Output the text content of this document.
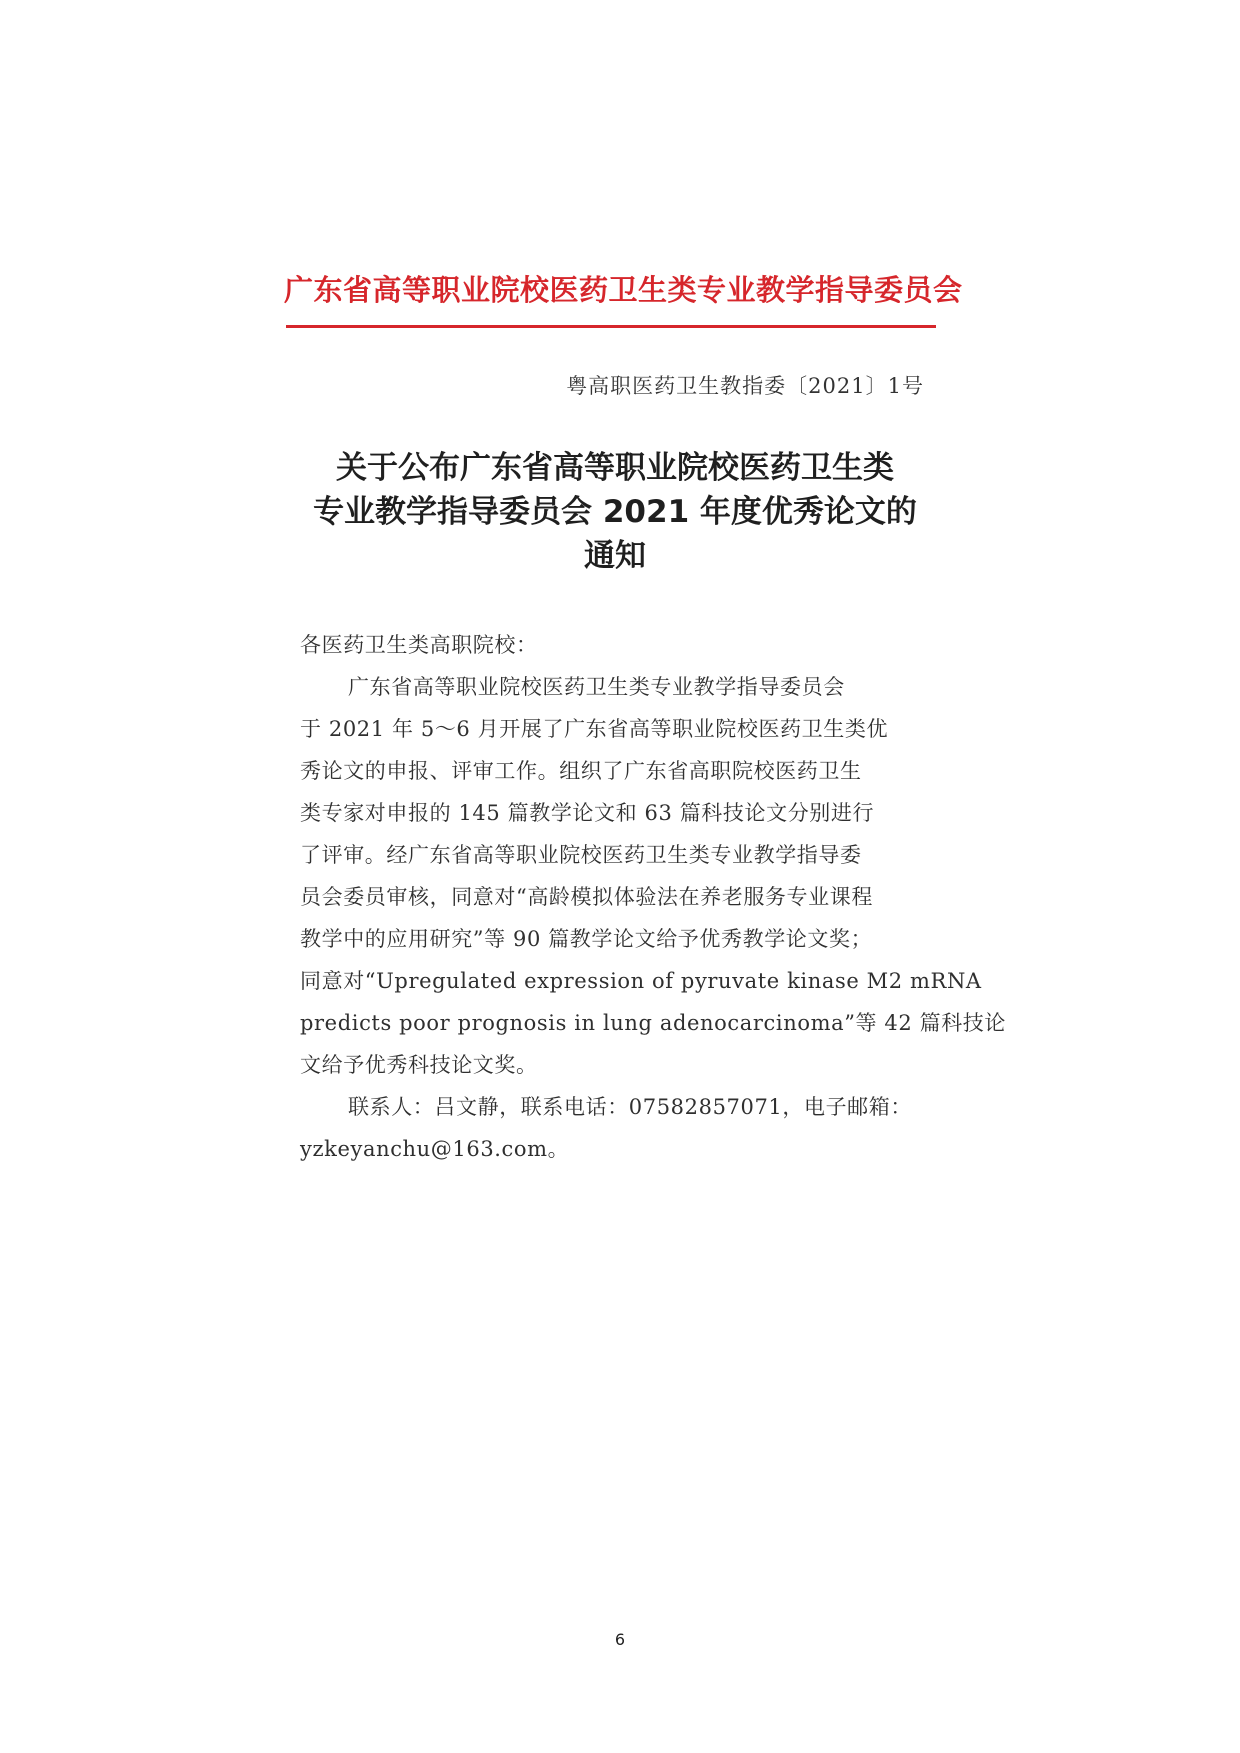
广东省高等职业院校医药卫生类专业教学指导委员会
粤高职医药卫生教指委〔2021〕1号
关于公布广东省高等职业院校医药卫生类
专业教学指导委员会 2021 年度优秀论文的
通知
各医药卫生类高职院校：
广东省高等职业院校医药卫生类专业教学指导委员会
于 2021 年 5～6 月开展了广东省高等职业院校医药卫生类优
秀论文的申报、评审工作。组织了广东省高职院校医药卫生
类专家对申报的 145 篇教学论文和 63 篇科技论文分别进行
了评审。经广东省高等职业院校医药卫生类专业教学指导委
员会委员审核，同意对“高龄模拟体验法在养老服务专业课程
教学中的应用研究”等 90 篇教学论文给予优秀教学论文奖；
同意对“Upregulated expression of pyruvate kinase M2 mRNA
predicts poor prognosis in lung adenocarcinoma”等 42 篇科技论
文给予优秀科技论文奖。
联系人：吕文静，联系电话：07582857071，电子邮箱：
yzkeyanchu@163.com。
6
